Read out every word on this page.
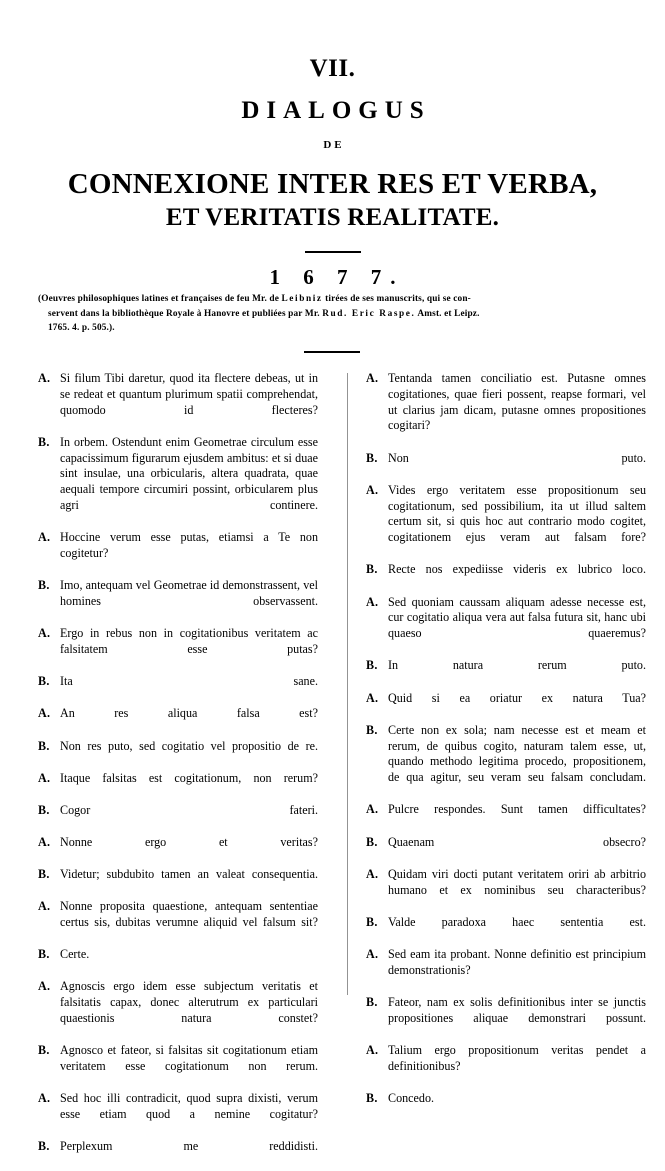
VII.
DIALOGUS
DE
CONNEXIONE INTER RES ET VERBA,
ET VERITATIS REALITATE.
1 6 7 7.
(Oeuvres philosophiques latines et françaises de feu Mr. de Leibniz tirées de ses manuscrits, qui se con-
servent dans la bibliothèque Royale à Hanovre et publiées par Mr. Rud. Eric Raspe. Amst. et Leipz.
1765. 4. p. 505.).
A. Si filum Tibi daretur, quod ita flectere debeas, ut in se redeat et quantum plurimum spatii comprehendat, quomodo id flecteres?
B. In orbem. Ostendunt enim Geometrae circulum esse capacissimum figurarum ejusdem ambitus: et si duae sint insulae, una orbicularis, altera quadrata, quae aequali tempore circumiri possint, orbicularem plus agri continere.
A. Hoccine verum esse putas, etiamsi a Te non cogitetur?
B. Imo, antequam vel Geometrae id demonstrassent, vel homines observassent.
A. Ergo in rebus non in cogitationibus veritatem ac falsitatem esse putas?
B. Ita sane.
A. An res aliqua falsa est?
B. Non res puto, sed cogitatio vel propositio de re.
A. Itaque falsitas est cogitationum, non rerum?
B. Cogor fateri.
A. Nonne ergo et veritas?
B. Videtur; subdubito tamen an valeat consequentia.
A. Nonne proposita quaestione, antequam sententiae certus sis, dubitas verumne aliquid vel falsum sit?
B. Certe.
A. Agnoscis ergo idem esse subjectum veritatis et falsitatis capax, donec alterutrum ex particulari quaestionis natura constet?
B. Agnosco et fateor, si falsitas sit cogitationum etiam veritatem esse cogitationum non rerum.
A. Sed hoc illi contradicit, quod supra dixisti, verum esse etiam quod a nemine cogitatur?
B. Perplexum me reddidisti.
A. Tentanda tamen conciliatio est. Putasne omnes cogitationes, quae fieri possent, reapse formari, vel ut clarius jam dicam, putasne omnes propositiones cogitari?
B. Non puto.
A. Vides ergo veritatem esse propositionum seu cogitationum, sed possibilium, ita ut illud saltem certum sit, si quis hoc aut contrario modo cogitet, cogitationem ejus veram aut falsam fore?
B. Recte nos expediisse videris ex lubrico loco.
A. Sed quoniam caussam aliquam adesse necesse est, cur cogitatio aliqua vera aut falsa futura sit, hanc ubi quaeso quaeremus?
B. In natura rerum puto.
A. Quid si ea oriatur ex natura Tua?
B. Certe non ex sola; nam necesse est et meam et rerum, de quibus cogito, naturam talem esse, ut, quando methodo legitima procedo, propositionem, de qua agitur, seu veram seu falsam concludam.
A. Pulcre respondes. Sunt tamen difficultates?
B. Quaenam obsecro?
A. Quidam viri docti putant veritatem oriri ab arbitrio humano et ex nominibus seu characteribus?
B. Valde paradoxa haec sententia est.
A. Sed eam ita probant. Nonne definitio est principium demonstrationis?
B. Fateor, nam ex solis definitionibus inter se junctis propositiones aliquae demonstrari possunt.
A. Talium ergo propositionum veritas pendet a definitionibus?
B. Concedo.
